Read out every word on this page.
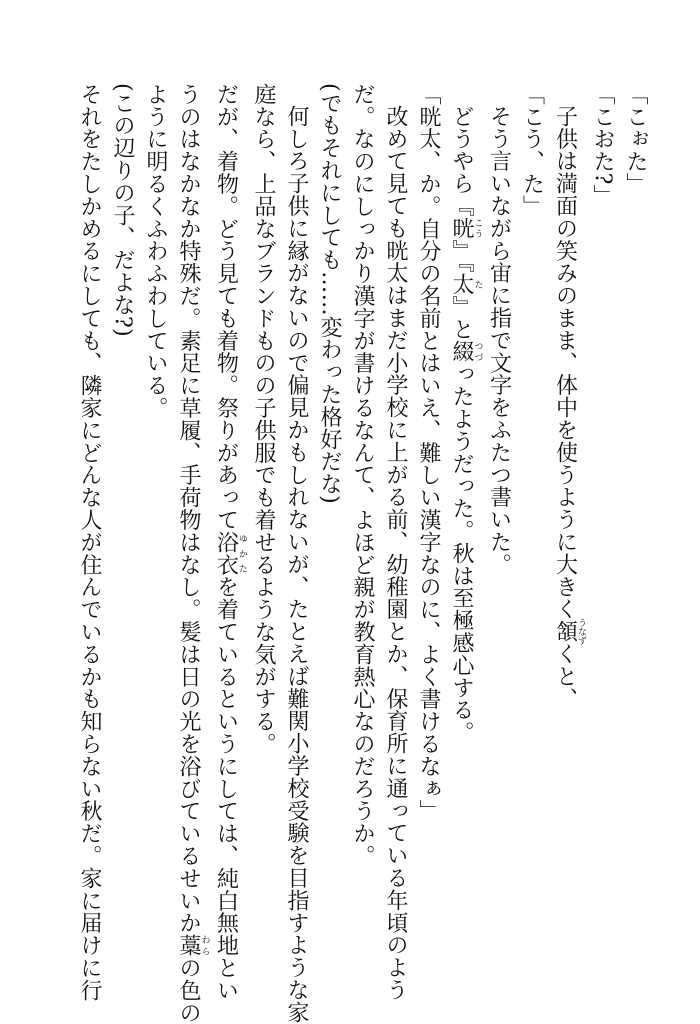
「こぉた」
「こおた?」
子供は満面の笑みのまま、体中を使うように大きく頷うなずくと、
「こう、た」
そう言いながら宙に指で文字をふたつ書いた。
どうやら『晄こう』『太た』と綴つづったようだった。秋は至極感心する。
「晄太、か。自分の名前とはいえ、難しい漢字なのに、よく書けるなぁ」
改めて見ても晄太はまだ小学校に上がる前、幼稚園とか、保育所に通っている年頃のよう
だ。なのにしっかり漢字が書けるなんて、よほど親が教育熱心なのだろうか。
(でもそれにしても……変わった格好だな)
何しろ子供に縁がないので偏見かもしれないが、たとえば難関小学校受験を目指すような家
庭なら、上品なブランドものの子供服でも着せるような気がする。
だが、着物。どう見ても着物。祭りがあって浴衣ゆかたを着ているというにしては、純白無地とい
うのはなかなか特殊だ。素足に草履、手荷物はなし。髪は日の光を浴びているせいか藁わらの色の
ように明るくふわふわしている。
(この辺りの子、だよな?)
それをたしかめるにしても、隣家にどんな人が住んでいるかも知らない秋だ。家に届けに行
